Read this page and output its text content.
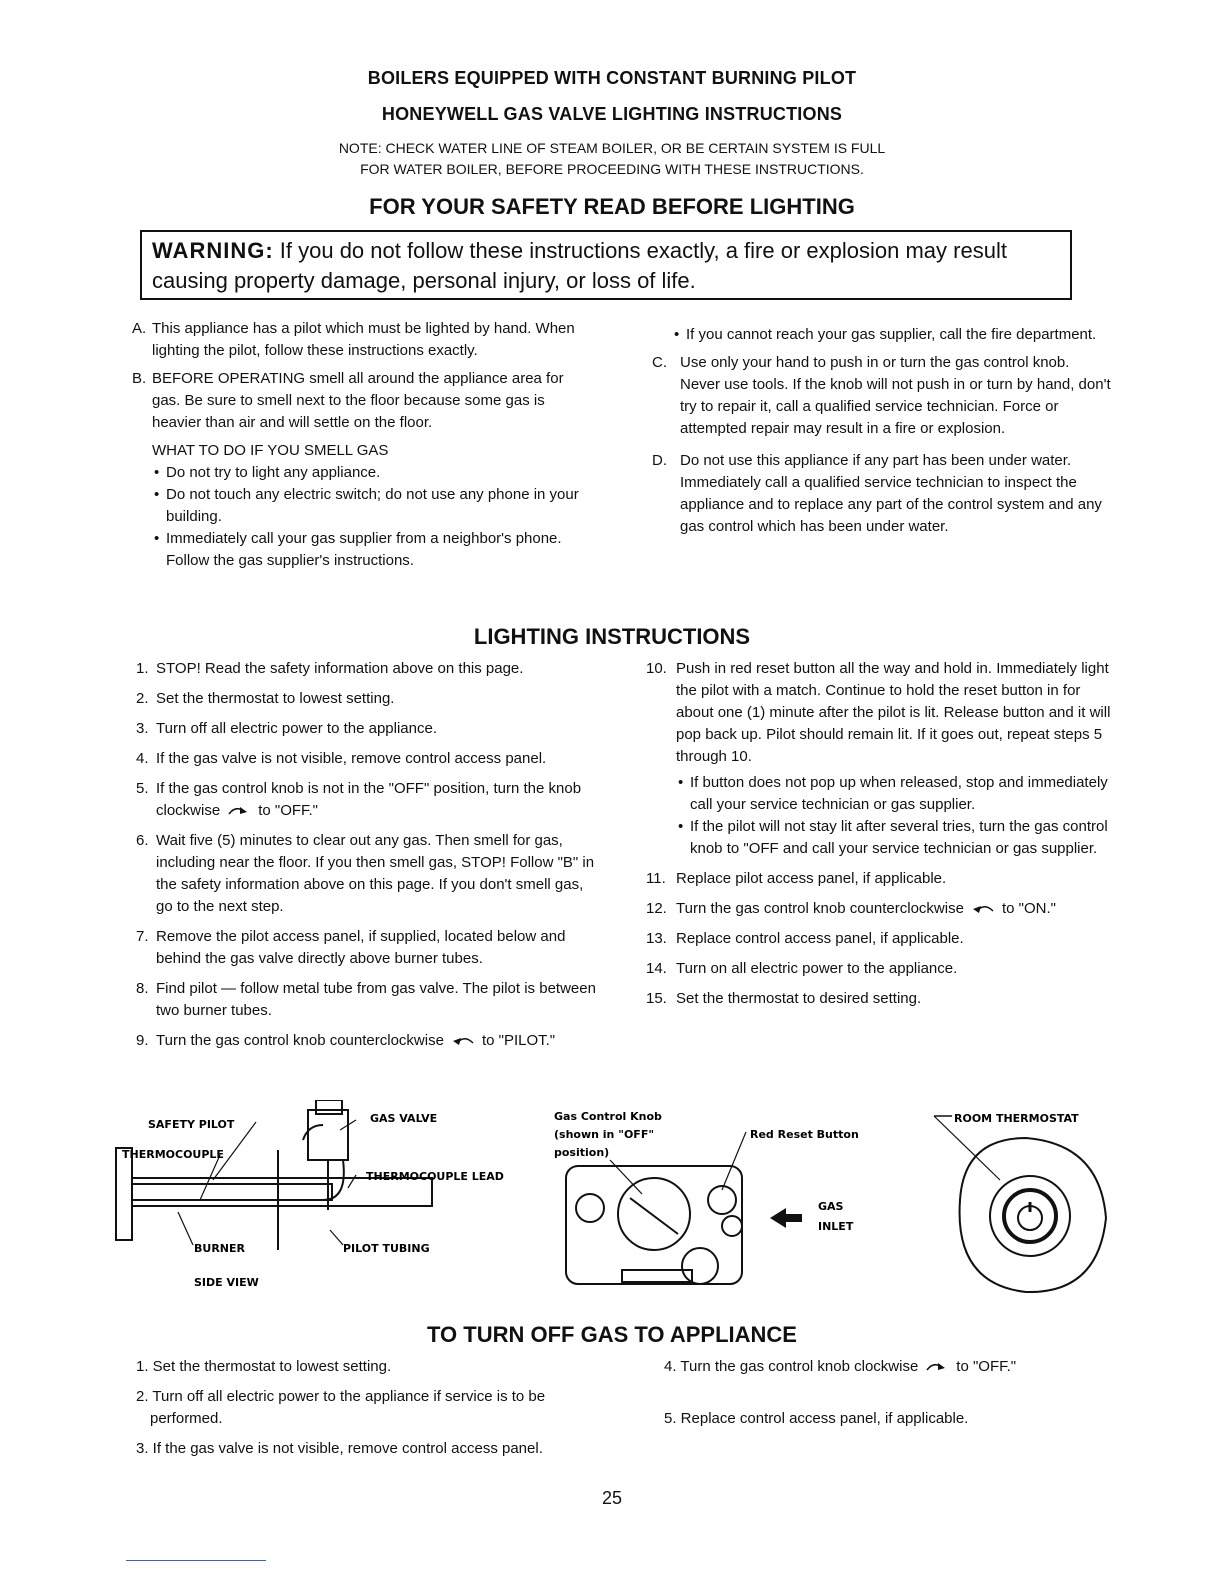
BOILERS EQUIPPED WITH CONSTANT BURNING PILOT
HONEYWELL GAS VALVE LIGHTING INSTRUCTIONS
NOTE: CHECK WATER LINE OF STEAM BOILER, OR BE CERTAIN SYSTEM IS FULL
FOR WATER BOILER, BEFORE PROCEEDING WITH THESE INSTRUCTIONS.
FOR YOUR SAFETY READ BEFORE LIGHTING
WARNING: If you do not follow these instructions exactly, a fire or explosion may result
causing property damage, personal injury, or loss of life.
A. This appliance has a pilot which must be lighted by hand. When lighting the pilot, follow these instructions exactly.
B. BEFORE OPERATING smell all around the appliance area for gas. Be sure to smell next to the floor because some gas is heavier than air and will settle on the floor.
WHAT TO DO IF YOU SMELL GAS
• Do not try to light any appliance.
• Do not touch any electric switch; do not use any phone in your building.
• Immediately call your gas supplier from a neighbor's phone. Follow the gas supplier's instructions.
• If you cannot reach your gas supplier, call the fire department.
C. Use only your hand to push in or turn the gas control knob. Never use tools. If the knob will not push in or turn by hand, don't try to repair it, call a qualified service technician. Force or attempted repair may result in a fire or explosion.
D. Do not use this appliance if any part has been under water. Immediately call a qualified service technician to inspect the appliance and to replace any part of the control system and any gas control which has been under water.
LIGHTING INSTRUCTIONS
1. STOP! Read the safety information above on this page.
2. Set the thermostat to lowest setting.
3. Turn off all electric power to the appliance.
4. If the gas valve is not visible, remove control access panel.
5. If the gas control knob is not in the "OFF" position, turn the knob
clockwise	to "OFF."
6. Wait five (5) minutes to clear out any gas. Then smell for gas, including near the floor. If you then smell gas, STOP! Follow "B" in the safety information above on this page. If you don't smell gas, go to the next step.
7. Remove the pilot access panel, if supplied, located below and behind the gas valve directly above burner tubes.
8. Find pilot — follow metal tube from gas valve. The pilot is between two burner tubes.
9. Turn the gas control knob counterclockwise	to "PILOT."
10. Push in red reset button all the way and hold in. Immediately light the pilot with a match. Continue to hold the reset button in for about one (1) minute after the pilot is lit. Release button and it will pop back up. Pilot should remain lit. If it goes out, repeat steps 5 through 10.
• If button does not pop up when released, stop and immediately call your service technician or gas supplier.
• If the pilot will not stay lit after several tries, turn the gas control knob to "OFF and call your service technician or gas supplier.
11. Replace pilot access panel, if applicable.
12. Turn the gas control knob counterclockwise	to "ON."
13. Replace control access panel, if applicable.
14. Turn on all electric power to the appliance.
15. Set the thermostat to desired setting.
SAFETY PILOT
THERMOCOUPLE
GAS VALVE
THERMOCOUPLE LEAD
BURNER	PILOT TUBING
SIDE VIEW
Gas Control Knob
(shown in "OFF"
position)
Red Reset Button
GAS
INLET
ROOM THERMOSTAT
TO TURN OFF GAS TO APPLIANCE
1. Set the thermostat to lowest setting.
2. Turn off all electric power to the appliance if service is to be performed.
3. If the gas valve is not visible, remove control access panel.
4. Turn the gas control knob clockwise	to "OFF."
5. Replace control access panel, if applicable.
25
